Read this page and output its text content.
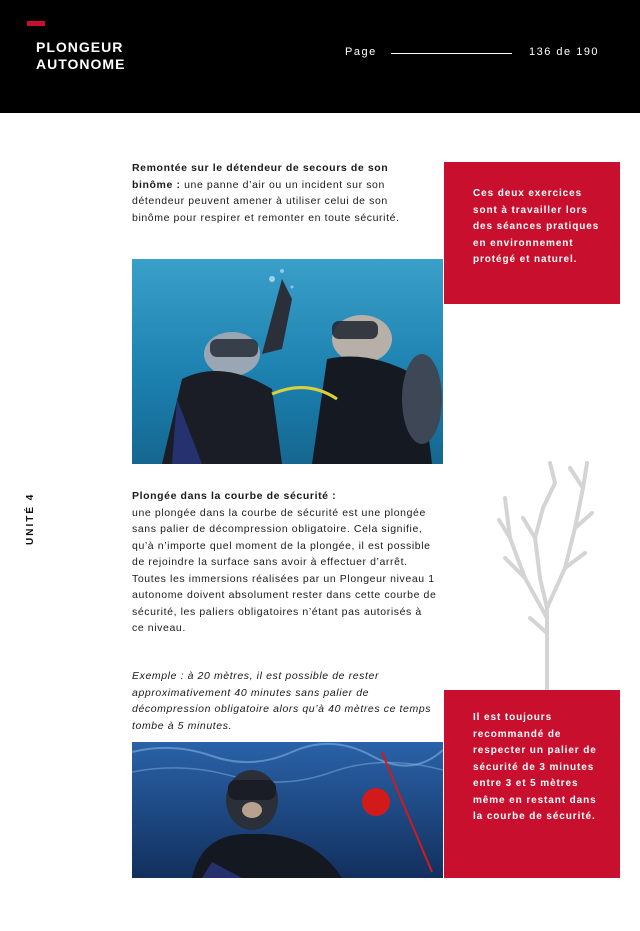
PLONGEUR
AUTONOME
Page	136 de 190
UNITÉ 4
Remontée sur le détendeur de secours de son binôme : une panne d’air ou un incident sur son détendeur peuvent amener à utiliser celui de son binôme pour respirer et remonter en toute sécurité.
Ces deux exercices sont à travailler lors des séances pratiques en environnement protégé et naturel.
Plongée dans la courbe de sécurité :
une plongée dans la courbe de sécurité est une plongée sans palier de décompression obligatoire. Cela signifie, qu’à n’importe quel moment de la plongée, il est possible de rejoindre la surface sans avoir à effectuer d’arrêt. Toutes les immersions réalisées par un Plongeur niveau 1 autonome doivent absolument rester dans cette courbe de sécurité, les paliers obligatoires n’étant pas autorisés à ce niveau.
Exemple : à 20 mètres, il est possible de rester approximativement 40 minutes sans palier de décompression obligatoire alors qu’à 40 mètres ce temps tombe à 5 minutes.
Il est toujours recommandé de respecter un palier de sécurité de 3 minutes entre 3 et 5 mètres même en restant dans la courbe de sécurité.
